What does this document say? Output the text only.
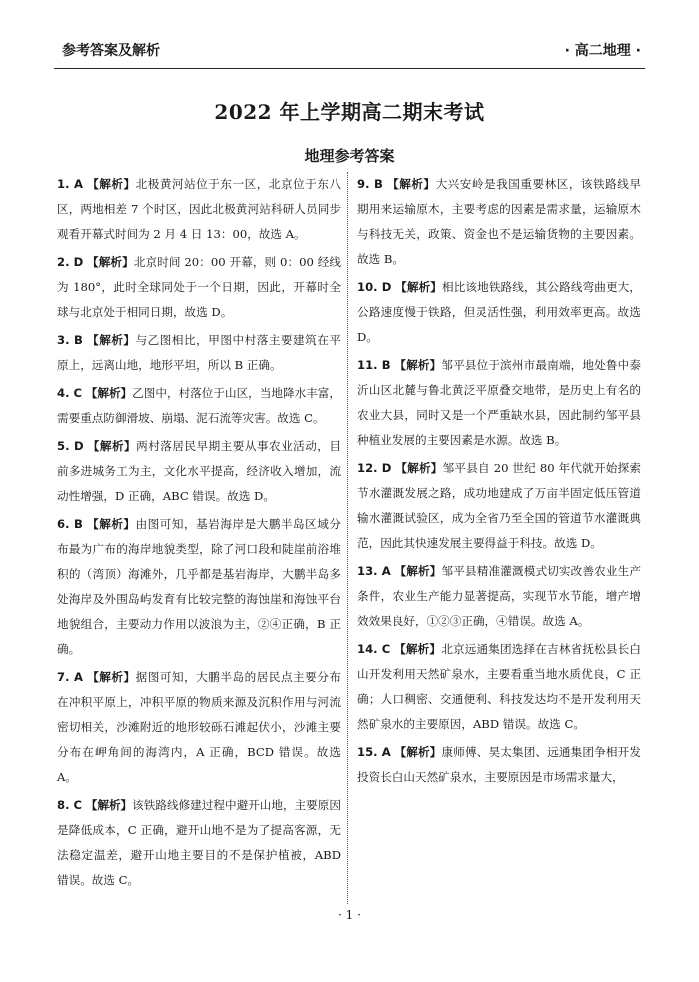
参考答案及解析	· 高二地理 ·
2022 年上学期高二期末考试
地理参考答案

1. A 【解析】北极黄河站位于东一区，北京位于东八区，两地相差 7 个时区，因此北极黄河站科研人员同步观看开幕式时间为 2 月 4 日 13：00，故选 A。

2. D 【解析】北京时间 20：00 开幕，则 0：00 经线为 180°，此时全球同处于一个日期，因此，开幕时全球与北京处于相同日期，故选 D。

3. B 【解析】与乙图相比，甲图中村落主要建筑在平原上，远离山地，地形平坦，所以 B 正确。

4. C 【解析】乙图中，村落位于山区，当地降水丰富，需要重点防御滑坡、崩塌、泥石流等灾害。故选 C。

5. D 【解析】两村落居民早期主要从事农业活动，目前多进城务工为主，文化水平提高，经济收入增加，流动性增强，D 正确，ABC 错误。故选 D。

6. B 【解析】由图可知，基岩海岸是大鹏半岛区域分布最为广布的海岸地貌类型，除了河口段和陡崖前浴堆积的（湾顶）海滩外，几乎都是基岩海岸，大鹏半岛多处海岸及外围岛屿发育有比较完整的海蚀崖和海蚀平台地貌组合，主要动力作用以波浪为主，②④正确，B 正确。

7. A 【解析】据图可知，大鹏半岛的居民点主要分布在冲积平原上，冲积平原的物质来源及沉积作用与河流密切相关，沙滩附近的地形较砾石滩起伏小，沙滩主要分布在岬角间的海湾内，A 正确，BCD 错误。故选 A。

8. C 【解析】该铁路线修建过程中避开山地，主要原因是降低成本，C 正确，避开山地不是为了提高客源，无法稳定温差，避开山地主要目的不是保护植被，ABD 错误。故选 C。

9. B 【解析】大兴安岭是我国重要林区，该铁路线早期用来运输原木，主要考虑的因素是需求量，运输原木与科技无关，政策、资金也不是运输货物的主要因素。故选 B。

10. D 【解析】相比该地铁路线，其公路线弯曲更大，公路速度慢于铁路，但灵活性强，利用效率更高。故选 D。

11. B 【解析】邹平县位于滨州市最南端，地处鲁中泰沂山区北麓与鲁北黄泛平原叠交地带，是历史上有名的农业大县，同时又是一个严重缺水县，因此制约邹平县种植业发展的主要因素是水源。故选 B。

12. D 【解析】邹平县自 20 世纪 80 年代就开始探索节水灌溉发展之路，成功地建成了万亩半固定低压管道输水灌溉试验区，成为全省乃至全国的管道节水灌溉典范，因此其快速发展主要得益于科技。故选 D。

13. A 【解析】邹平县精准灌溉模式切实改善农业生产条件，农业生产能力显著提高，实现节水节能，增产增效效果良好，①②③正确，④错误。故选 A。

14. C 【解析】北京远通集团选择在吉林省抚松县长白山开发利用天然矿泉水，主要看重当地水质优良，C 正确；人口稠密、交通便利、科技发达均不是开发利用天然矿泉水的主要原因，ABD 错误。故选 C。

15. A 【解析】康师傅、昊太集团、远通集团争相开发投资长白山天然矿泉水，主要原因是市场需求量大，

· 1 ·
